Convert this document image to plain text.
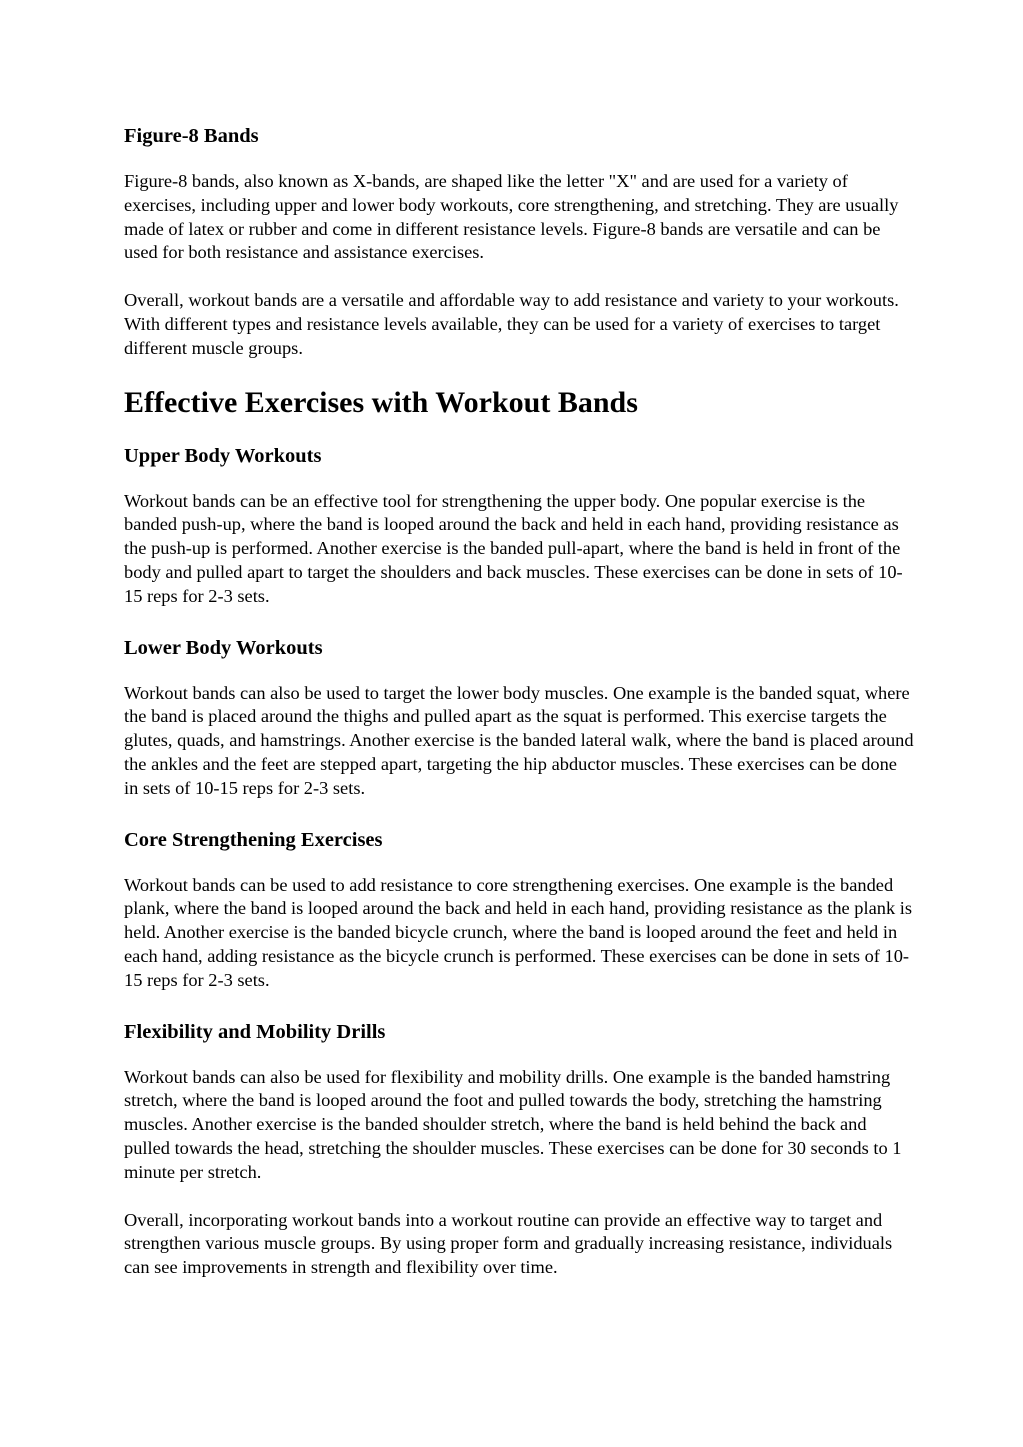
Figure-8 Bands

Figure-8 bands, also known as X-bands, are shaped like the letter "X" and are used for a variety of exercises, including upper and lower body workouts, core strengthening, and stretching. They are usually made of latex or rubber and come in different resistance levels. Figure-8 bands are versatile and can be used for both resistance and assistance exercises.

Overall, workout bands are a versatile and affordable way to add resistance and variety to your workouts. With different types and resistance levels available, they can be used for a variety of exercises to target different muscle groups.

Effective Exercises with Workout Bands
Upper Body Workouts

Workout bands can be an effective tool for strengthening the upper body. One popular exercise is the banded push-up, where the band is looped around the back and held in each hand, providing resistance as the push-up is performed. Another exercise is the banded pull-apart, where the band is held in front of the body and pulled apart to target the shoulders and back muscles. These exercises can be done in sets of 10-15 reps for 2-3 sets.

Lower Body Workouts

Workout bands can also be used to target the lower body muscles. One example is the banded squat, where the band is placed around the thighs and pulled apart as the squat is performed. This exercise targets the glutes, quads, and hamstrings. Another exercise is the banded lateral walk, where the band is placed around the ankles and the feet are stepped apart, targeting the hip abductor muscles. These exercises can be done in sets of 10-15 reps for 2-3 sets.

Core Strengthening Exercises

Workout bands can be used to add resistance to core strengthening exercises. One example is the banded plank, where the band is looped around the back and held in each hand, providing resistance as the plank is held. Another exercise is the banded bicycle crunch, where the band is looped around the feet and held in each hand, adding resistance as the bicycle crunch is performed. These exercises can be done in sets of 10-15 reps for 2-3 sets.

Flexibility and Mobility Drills

Workout bands can also be used for flexibility and mobility drills. One example is the banded hamstring stretch, where the band is looped around the foot and pulled towards the body, stretching the hamstring muscles. Another exercise is the banded shoulder stretch, where the band is held behind the back and pulled towards the head, stretching the shoulder muscles. These exercises can be done for 30 seconds to 1 minute per stretch.

Overall, incorporating workout bands into a workout routine can provide an effective way to target and strengthen various muscle groups. By using proper form and gradually increasing resistance, individuals can see improvements in strength and flexibility over time.
